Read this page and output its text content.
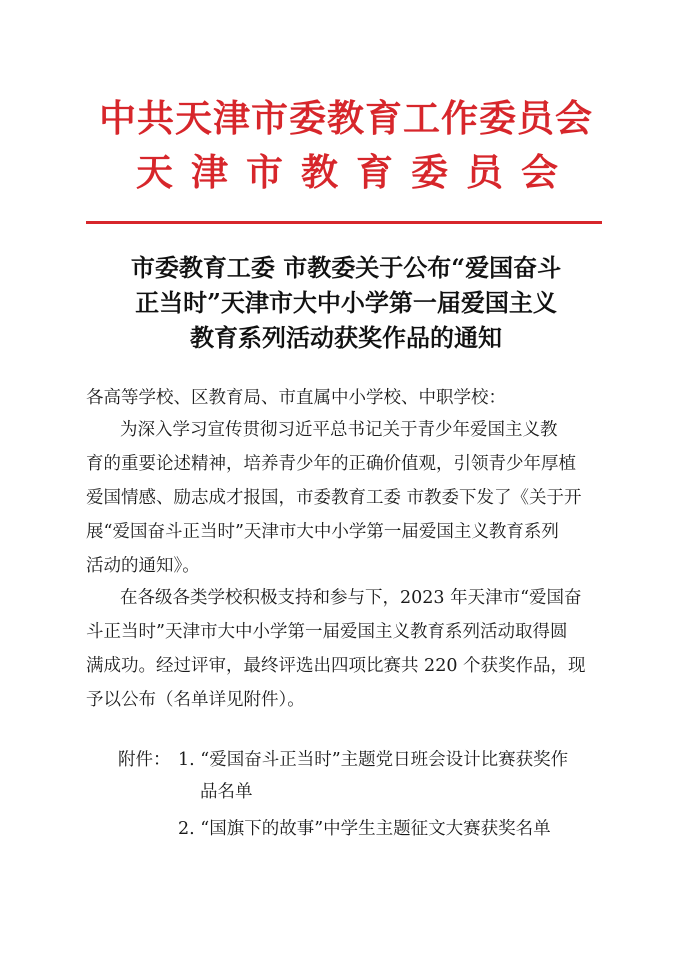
中共天津市委教育工作委员会
天津市教育委员会
市委教育工委 市教委关于公布“爱国奋斗
正当时”天津市大中小学第一届爱国主义
教育系列活动获奖作品的通知
各高等学校、区教育局、市直属中小学校、中职学校：
为深入学习宣传贯彻习近平总书记关于青少年爱国主义教
育的重要论述精神，培养青少年的正确价值观，引领青少年厚植
爱国情感、励志成才报国，市委教育工委 市教委下发了《关于开
展“爱国奋斗正当时”天津市大中小学第一届爱国主义教育系列
活动的通知》。
在各级各类学校积极支持和参与下，2023 年天津市“爱国奋
斗正当时”天津市大中小学第一届爱国主义教育系列活动取得圆
满成功。经过评审，最终评选出四项比赛共 220 个获奖作品，现
予以公布（名单详见附件）。
附件： 1. “爱国奋斗正当时”主题党日班会设计比赛获奖作
品名单
2. “国旗下的故事”中学生主题征文大赛获奖名单
